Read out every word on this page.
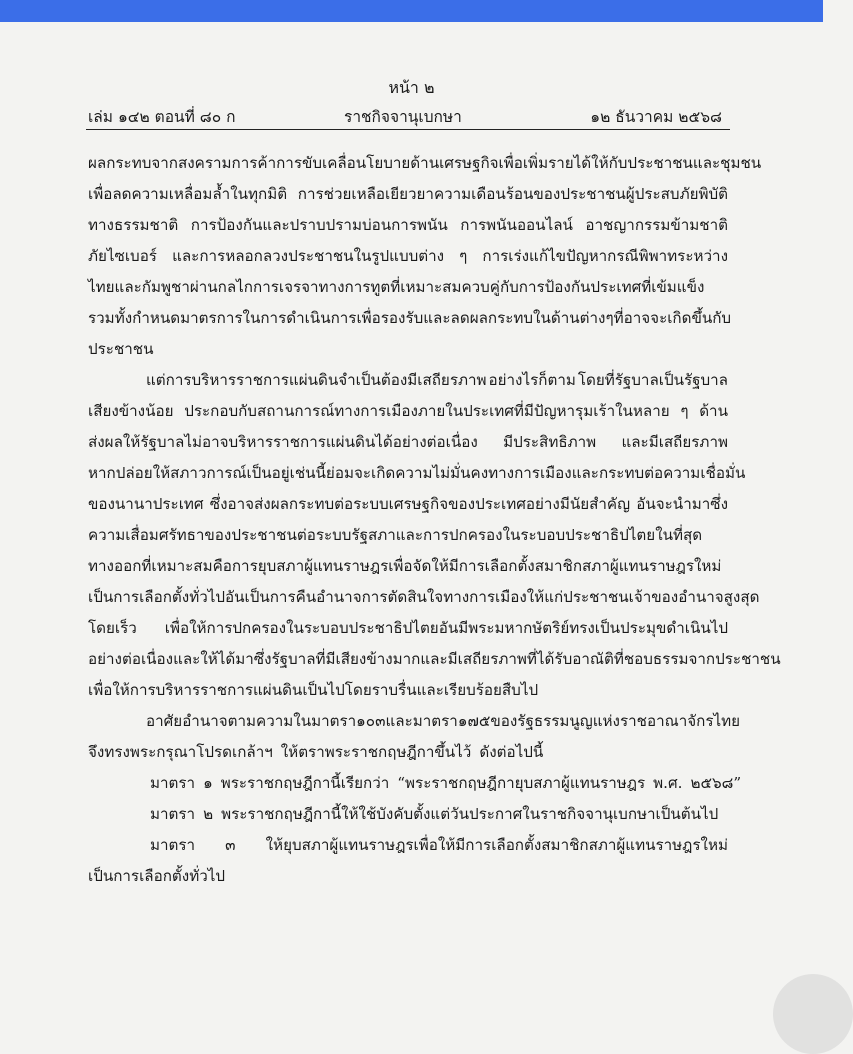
หน้า ๒
เล่ม ๑๔๒ ตอนที่ ๘๐ ก	ราชกิจจานุเบกษา	๑๒ ธันวาคม ๒๕๖๘
ผลกระทบจากสงครามการค้า การขับเคลื่อนโยบายด้านเศรษฐกิจเพื่อเพิ่มรายได้ให้กับประชาชนและชุมชน
เพื่อลดความเหลื่อมล้ำในทุกมิติ การช่วยเหลือเยียวยาความเดือนร้อนของประชาชนผู้ประสบภัยพิบัติ
ทางธรรมชาติ การป้องกันและปราบปรามบ่อนการพนัน การพนันออนไลน์ อาชญากรรมข้ามชาติ
ภัยไซเบอร์ และการหลอกลวงประชาชนในรูปแบบต่าง ๆ การเร่งแก้ไขปัญหากรณีพิพาทระหว่าง
ไทยและกัมพูชาผ่านกลไกการเจรจาทางการทูตที่เหมาะสมควบคู่กับการป้องกันประเทศที่เข้มแข็ง
รวมทั้งกำหนดมาตรการในการดำเนินการเพื่อรองรับและลดผลกระทบในด้านต่าง ๆ ที่อาจจะเกิดขึ้นกับ
ประชาชน
แต่การบริหารราชการแผ่นดินจำเป็นต้องมีเสถียรภาพ อย่างไรก็ตาม โดยที่รัฐบาลเป็นรัฐบาล
เสียงข้างน้อย ประกอบกับสถานการณ์ทางการเมืองภายในประเทศที่มีปัญหารุมเร้าในหลาย ๆ ด้าน
ส่งผลให้รัฐบาลไม่อาจบริหารราชการแผ่นดินได้อย่างต่อเนื่อง มีประสิทธิภาพ และมีเสถียรภาพ
หากปล่อยให้สภาวการณ์เป็นอยู่เช่นนี้ย่อมจะเกิดความไม่มั่นคงทางการเมืองและกระทบต่อความเชื่อมั่น
ของนานาประเทศ ซึ่งอาจส่งผลกระทบต่อระบบเศรษฐกิจของประเทศอย่างมีนัยสำคัญ อันจะนำมาซึ่ง
ความเสื่อมศรัทธาของประชาชนต่อระบบรัฐสภาและการปกครองในระบอบประชาธิปไตยในที่สุด
ทางออกที่เหมาะสมคือการยุบสภาผู้แทนราษฎรเพื่อจัดให้มีการเลือกตั้งสมาชิกสภาผู้แทนราษฎรใหม่
เป็นการเลือกตั้งทั่วไป อันเป็นการคืนอำนาจการตัดสินใจทางการเมืองให้แก่ประชาชนเจ้าของอำนาจสูงสุด
โดยเร็ว เพื่อให้การปกครองในระบอบประชาธิปไตยอันมีพระมหากษัตริย์ทรงเป็นประมุขดำเนินไป
อย่างต่อเนื่อง และให้ได้มาซึ่งรัฐบาลที่มีเสียงข้างมากและมีเสถียรภาพที่ได้รับอาณัติที่ชอบธรรมจากประชาชน
เพื่อให้การบริหารราชการแผ่นดินเป็นไปโดยราบรื่นและเรียบร้อยสืบไป
อาศัยอำนาจตามความในมาตรา ๑๐๓ และมาตรา ๑๗๕ ของรัฐธรรมนูญแห่งราชอาณาจักรไทย
จึงทรงพระกรุณาโปรดเกล้าฯ ให้ตราพระราชกฤษฎีกาขึ้นไว้ ดังต่อไปนี้
มาตรา ๑ พระราชกฤษฎีกานี้เรียกว่า “พระราชกฤษฎีกายุบสภาผู้แทนราษฎร พ.ศ. ๒๕๖๘”
มาตรา ๒ พระราชกฤษฎีกานี้ให้ใช้บังคับตั้งแต่วันประกาศในราชกิจจานุเบกษาเป็นต้นไป
มาตรา ๓ ให้ยุบสภาผู้แทนราษฎรเพื่อให้มีการเลือกตั้งสมาชิกสภาผู้แทนราษฎรใหม่
เป็นการเลือกตั้งทั่วไป
